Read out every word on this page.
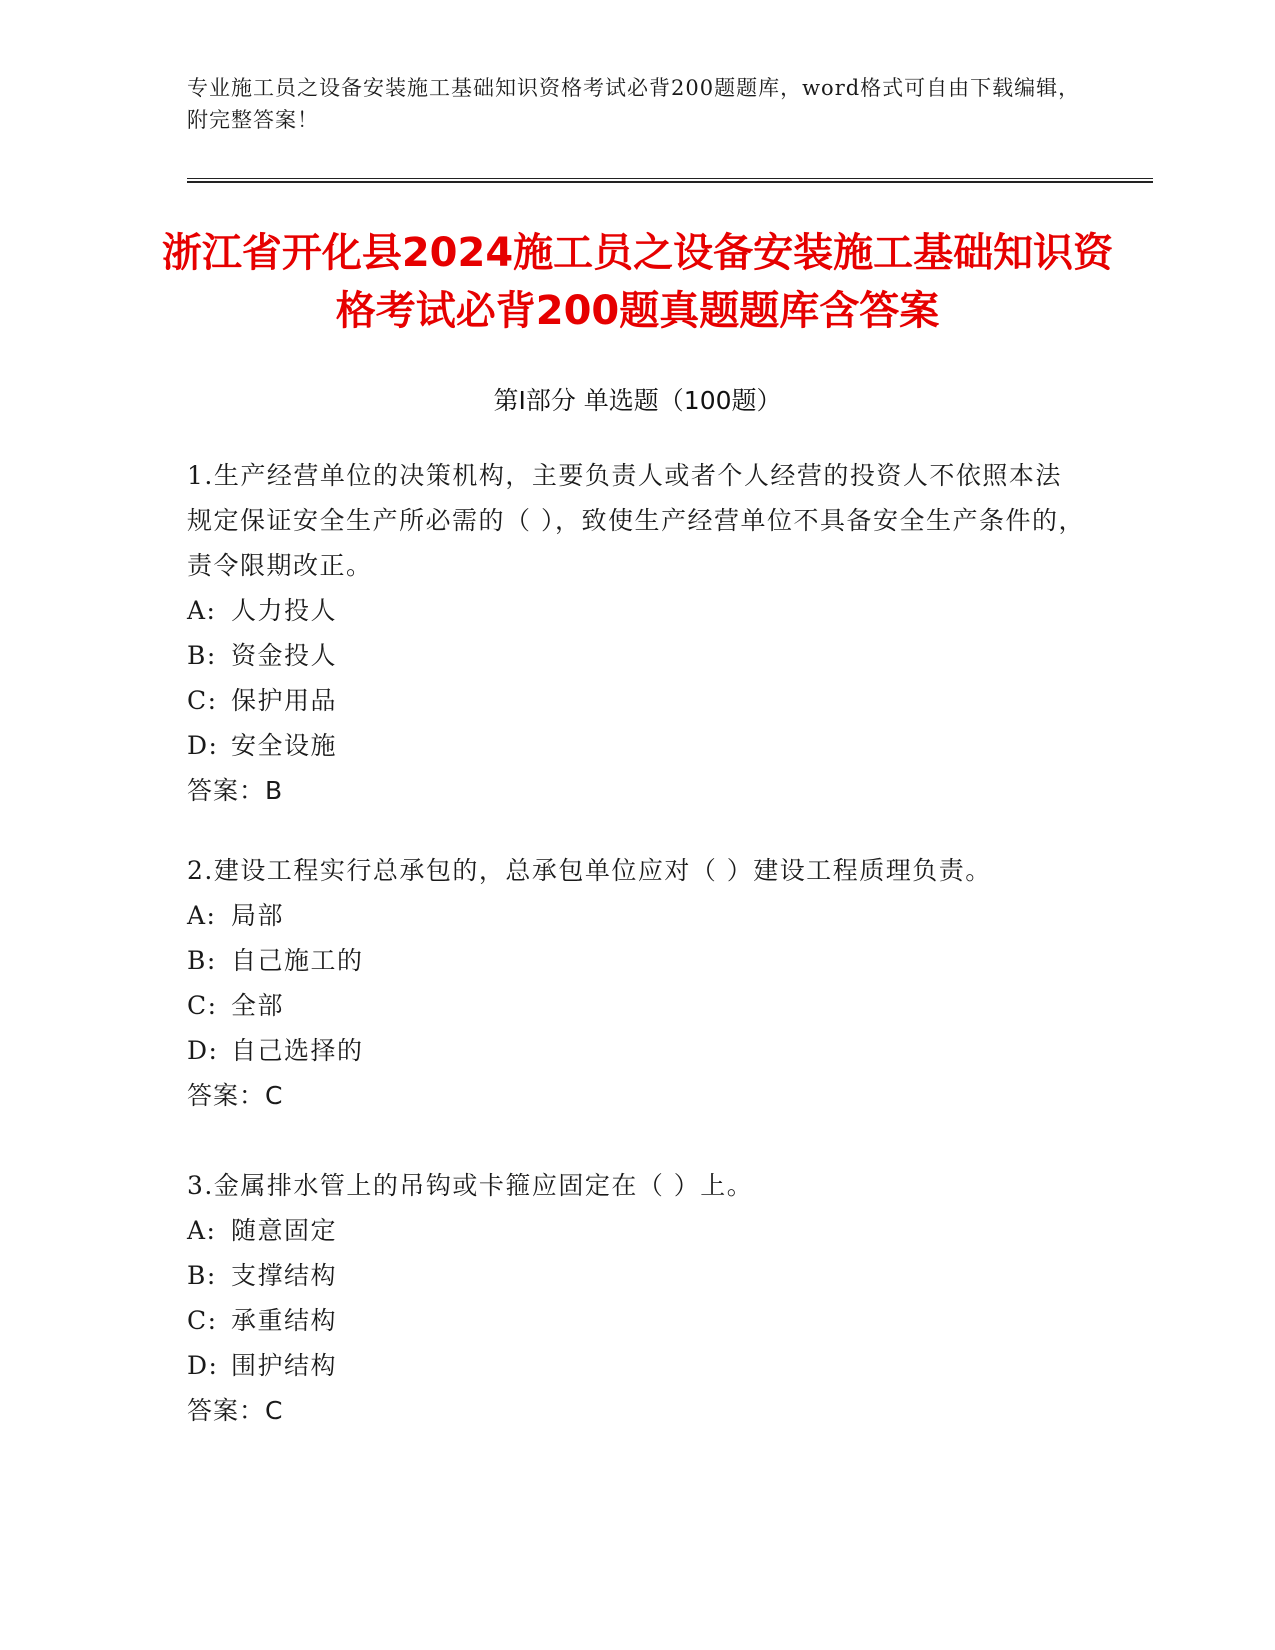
专业施工员之设备安装施工基础知识资格考试必背200题题库，word格式可自由下载编辑，附完整答案！
浙江省开化县2024施工员之设备安装施工基础知识资格考试必背200题真题题库含答案
第Ⅰ部分 单选题（100题）
1.生产经营单位的决策机构，主要负责人或者个人经营的投资人不依照本法规定保证安全生产所必需的（ ），致使生产经营单位不具备安全生产条件的，责令限期改正。
A: 人力投人
B: 资金投人
C: 保护用品
D: 安全设施
答案：B
2.建设工程实行总承包的，总承包单位应对（ ）建设工程质理负责。
A: 局部
B: 自己施工的
C: 全部
D: 自己选择的
答案：C
3.金属排水管上的吊钩或卡箍应固定在（ ）上。
A: 随意固定
B: 支撑结构
C: 承重结构
D: 围护结构
答案：C
